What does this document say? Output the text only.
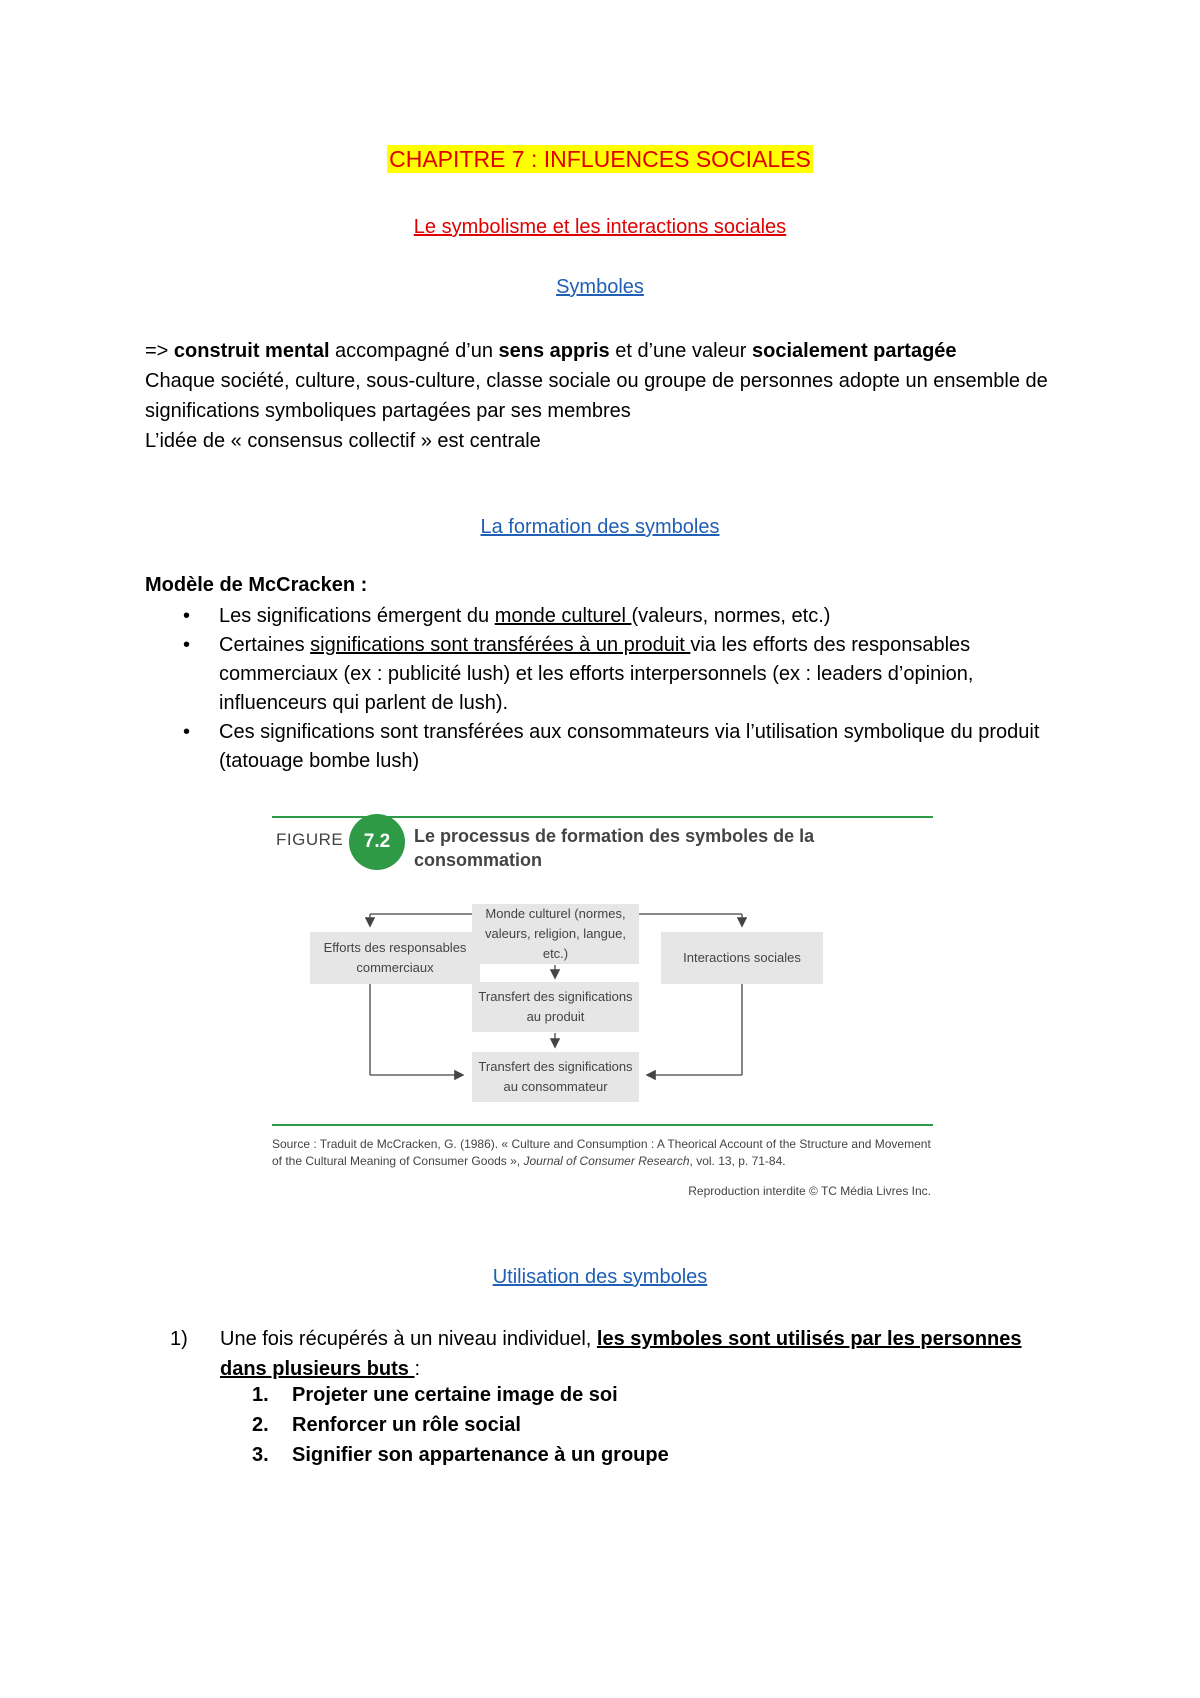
CHAPITRE 7 : INFLUENCES SOCIALES
Le symbolisme et les interactions sociales
Symboles
=> construit mental accompagné d’un sens appris et d’une valeur socialement partagée
Chaque société, culture, sous-culture, classe sociale ou groupe de personnes adopte un ensemble de significations symboliques partagées par ses membres
L’idée de « consensus collectif » est centrale
La formation des symboles
Modèle de McCracken :
• Les significations émergent du monde culturel (valeurs, normes, etc.)
• Certaines significations sont transférées à un produit via les efforts des responsables commerciaux (ex : publicité lush) et les efforts interpersonnels (ex : leaders d’opinion, influenceurs qui parlent de lush).
• Ces significations sont transférées aux consommateurs via l’utilisation symbolique du produit (tatouage bombe lush)
FIGURE	7.2	Le processus de formation des symboles de la consommation
Monde culturel (normes, valeurs, religion, langue, etc.)
Efforts des responsables commerciaux
Interactions sociales
Transfert des significations au produit
Transfert des significations au consommateur
Source : Traduit de McCracken, G. (1986). « Culture and Consumption : A Theorical Account of the Structure and Movement of the Cultural Meaning of Consumer Goods », Journal of Consumer Research, vol. 13, p. 71-84.
Reproduction interdite © TC Média Livres Inc.
Utilisation des symboles
1) Une fois récupérés à un niveau individuel, les symboles sont utilisés par les personnes dans plusieurs buts :
1. Projeter une certaine image de soi
2. Renforcer un rôle social
3. Signifier son appartenance à un groupe
